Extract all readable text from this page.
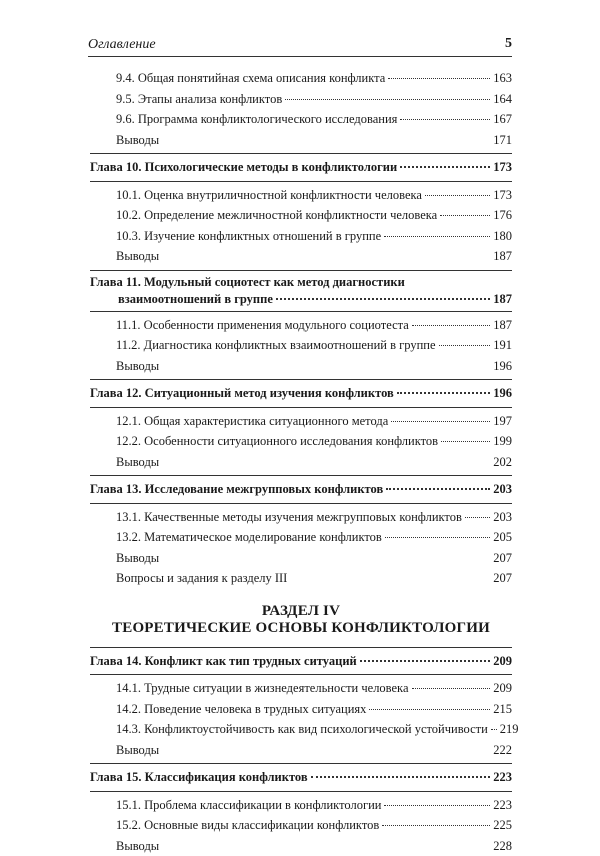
Оглавление	5
9.4. Общая понятийная схема описания конфликта	163
9.5. Этапы анализа конфликтов	164
9.6. Программа конфликтологического исследования	167
Выводы	171
Глава 10. Психологические методы в конфликтологии	173
10.1. Оценка внутриличностной конфликтности человека	173
10.2. Определение межличностной конфликтности человека	176
10.3. Изучение конфликтных отношений в группе	180
Выводы	187
Глава 11. Модульный социотест как метод диагностики
взаимоотношений в группе	187
11.1. Особенности применения модульного социотеста	187
11.2. Диагностика конфликтных взаимоотношений в группе	191
Выводы	196
Глава 12. Ситуационный метод изучения конфликтов	196
12.1. Общая характеристика ситуационного метода	197
12.2. Особенности ситуационного исследования конфликтов	199
Выводы	202
Глава 13. Исследование межгрупповых конфликтов	203
13.1. Качественные методы изучения межгрупповых конфликтов	203
13.2. Математическое моделирование конфликтов	205
Выводы	207
Вопросы и задания к разделу III	207
РАЗДЕЛ IV
ТЕОРЕТИЧЕСКИЕ ОСНОВЫ КОНФЛИКТОЛОГИИ
Глава 14. Конфликт как тип трудных ситуаций	209
14.1. Трудные ситуации в жизнедеятельности человека	209
14.2. Поведение человека в трудных ситуациях	215
14.3. Конфликтоустойчивость как вид психологической устойчивости 219
Выводы	222
Глава 15. Классификация конфликтов	223
15.1. Проблема классификации в конфликтологии	223
15.2. Основные виды классификации конфликтов	225
Выводы	228
